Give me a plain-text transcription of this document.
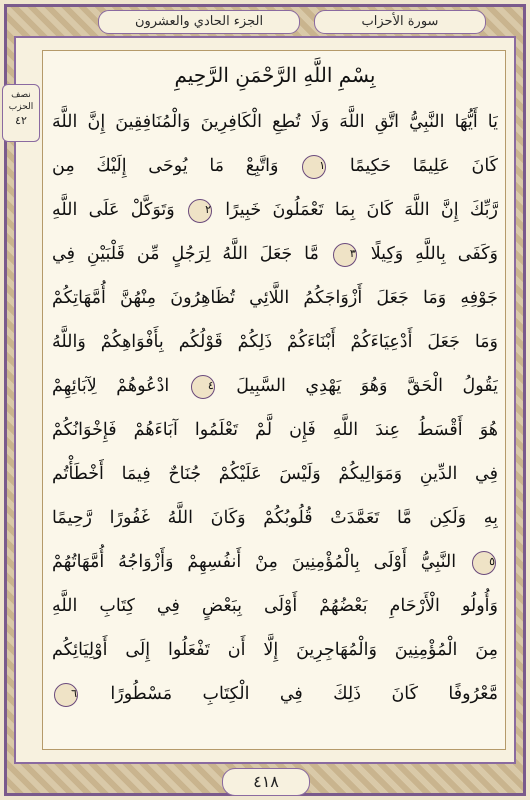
الجزء الحادي والعشرون	سورة الأحزاب
نصف
الحزب
٤٢
بِسْمِ اللَّهِ الرَّحْمَنِ الرَّحِيمِ
يَا أَيُّهَا النَّبِيُّ اتَّقِ اللَّهَ وَلَا تُطِعِ الْكَافِرِينَ وَالْمُنَافِقِينَ إِنَّ اللَّهَ
كَانَ عَلِيمًا حَكِيمًا ١ وَاتَّبِعْ مَا يُوحَى إِلَيْكَ مِن
رَّبِّكَ إِنَّ اللَّهَ كَانَ بِمَا تَعْمَلُونَ خَبِيرًا ٢ وَتَوَكَّلْ عَلَى اللَّهِ
وَكَفَى بِاللَّهِ وَكِيلًا ٣ مَّا جَعَلَ اللَّهُ لِرَجُلٍ مِّن قَلْبَيْنِ فِي
جَوْفِهِ وَمَا جَعَلَ أَزْوَاجَكُمُ اللَّائِي تُظَاهِرُونَ مِنْهُنَّ أُمَّهَاتِكُمْ
وَمَا جَعَلَ أَدْعِيَاءَكُمْ أَبْنَاءَكُمْ ذَلِكُمْ قَوْلُكُم بِأَفْوَاهِكُمْ وَاللَّهُ
يَقُولُ الْحَقَّ وَهُوَ يَهْدِي السَّبِيلَ ٤ ادْعُوهُمْ لِآبَائِهِمْ
هُوَ أَقْسَطُ عِندَ اللَّهِ فَإِن لَّمْ تَعْلَمُوا آبَاءَهُمْ فَإِخْوَانُكُمْ
فِي الدِّينِ وَمَوَالِيكُمْ وَلَيْسَ عَلَيْكُمْ جُنَاحٌ فِيمَا أَخْطَأْتُم
بِهِ وَلَكِن مَّا تَعَمَّدَتْ قُلُوبُكُمْ وَكَانَ اللَّهُ غَفُورًا رَّحِيمًا
٥ النَّبِيُّ أَوْلَى بِالْمُؤْمِنِينَ مِنْ أَنفُسِهِمْ وَأَزْوَاجُهُ أُمَّهَاتُهُمْ
وَأُولُو الْأَرْحَامِ بَعْضُهُمْ أَوْلَى بِبَعْضٍ فِي كِتَابِ اللَّهِ
مِنَ الْمُؤْمِنِينَ وَالْمُهَاجِرِينَ إِلَّا أَن تَفْعَلُوا إِلَى أَوْلِيَائِكُم
مَّعْرُوفًا كَانَ ذَلِكَ فِي الْكِتَابِ مَسْطُورًا ٦
٤١٨
